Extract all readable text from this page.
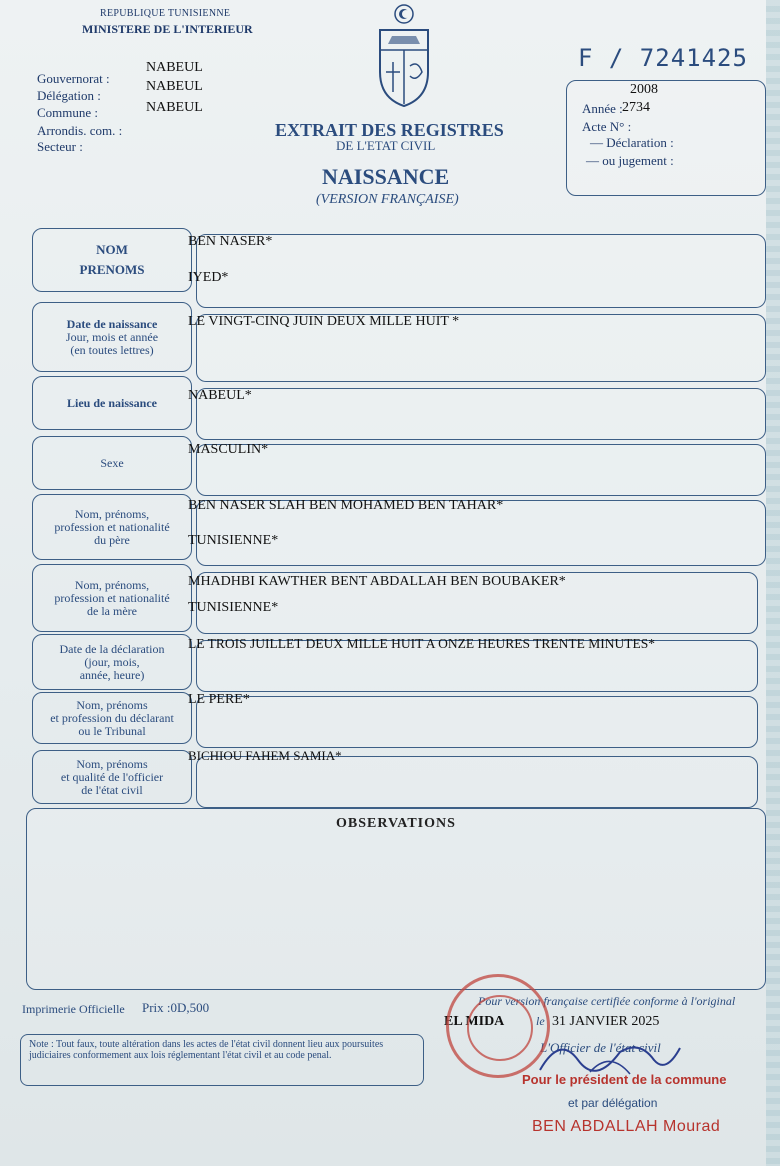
REPUBLIQUE TUNISIENNE
MINISTERE DE L'INTERIEUR
Gouvernorat :
NABEUL
Délégation :
NABEUL
Commune :	NABEUL
Arrondis. com. :
Secteur :
EXTRAIT DES REGISTRES
DE L'ETAT CIVIL
NAISSANCE
(VERSION FRANÇAISE)
F / 7241425
2008
Année : 2734
Acte N° :
— Déclaration :
— ou jugement :
NOM
PRENOMS
BEN NASER*
IYED*
Date de naissance
Jour, mois et année
(en toutes lettres)
LE VINGT-CINQ JUIN DEUX MILLE HUIT *
Lieu de naissance NABEUL*
Sexe
MASCULIN*
Nom, prénoms,
profession et nationalité
du père
BEN NASER SLAH BEN MOHAMED BEN TAHAR*
TUNISIENNE*
Nom, prénoms,
profession et nationalité
de la mère
MHADHBI KAWTHER BENT ABDALLAH BEN BOUBAKER*
TUNISIENNE*
Date de la déclaration
(jour, mois,
année, heure)
LE TROIS JUILLET DEUX MILLE HUIT A ONZE HEURES TRENTE MINUTES*
Nom, prénoms
et profession du déclarant
ou le Tribunal
LE PERE*
Nom, prénoms
et qualité de l'officier
de l'état civil
BICHIOU FAHEM SAMIA*
OBSERVATIONS
Imprimerie Officielle Prix :0D,500
Note : Tout faux, toute altération dans les actes de l'état civil donnent lieu aux poursuites judiciaires conformement aux lois réglementant l'état civil et au code penal.
Pour version française certifiée conforme à l'original
EL MIDA	le 31 JANVIER 2025
L'Officier de l'état civil
Pour le président de la commune
et par délégation
BEN ABDALLAH Mourad
